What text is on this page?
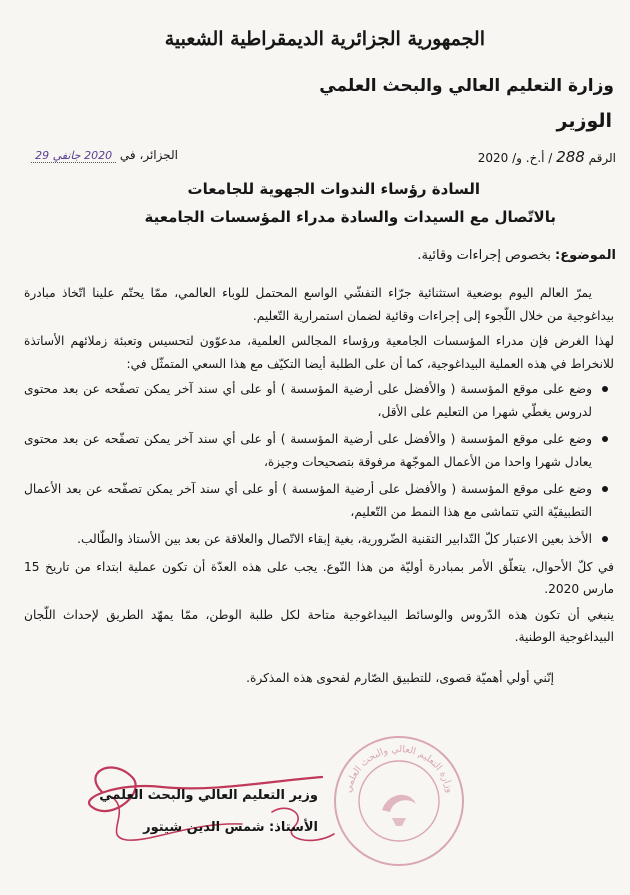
الجمهورية الجزائرية الديمقراطية الشعبية
وزارة التعليم العالي والبحث العلمي
الوزير
الرقم 288 / أ.خ. و/ 2020
الجزائر، في 2020 جانفي 29
السادة رؤساء الندوات الجهوية للجامعات
بالاتّصال مع السيدات والسادة مدراء المؤسسات الجامعية
الموضوع: بخصوص إجراءات وقائية.

يمرّ العالم اليوم بوضعية استثنائية جرّاء التفشّي الواسع المحتمل للوباء العالمي، ممّا يحتّم علينا اتّخاذ مبادرة بيداغوجية من خلال اللّجوء إلى إجراءات وقائية لضمان استمرارية التّعليم.

لهذا الغرض فإن مدراء المؤسسات الجامعية ورؤساء المجالس العلمية، مدعوّون لتحسيس وتعبئة زملائهم الأساتذة للانخراط في هذه العملية البيداغوجية، كما أن على الطلبة أيضا التكيّف مع هذا السعي المتمثّل في:

وضع على موقع المؤسسة ( والأفضل على أرضية المؤسسة ) أو على أي سند آخر يمكن تصفّحه عن بعد محتوى لدروس يغطّي شهرا من التعليم على الأقل،
وضع على موقع المؤسسة ( والأفضل على أرضية المؤسسة ) أو على أي سند آخر يمكن تصفّحه عن بعد محتوى يعادل شهرا واحدا من الأعمال الموجّهة مرفوقة بتصحيحات وجيزة،
وضع على موقع المؤسسة ( والأفضل على أرضية المؤسسة ) أو على أي سند آخر يمكن تصفّحه عن بعد الأعمال التطبيقيّة التي تتماشى مع هذا النمط من التّعليم،
الأخذ بعين الاعتبار كلّ التّدابير التقنية الضّرورية، بغية إبقاء الاتّصال والعلاقة عن بعد بين الأستاذ والطّالب.

في كلّ الأحوال، يتعلّق الأمر بمبادرة أوليّة من هذا النّوع. يجب على هذه العدّة أن تكون عملية ابتداء من تاريخ 15 مارس 2020.

ينبغي أن تكون هذه الدّروس والوسائط البيداغوجية متاحة لكل طلبة الوطن، ممّا يمهّد الطريق لإحداث اللّجان البيداغوجية الوطنية.

إنّني أولي أهميّة قصوى، للتطبيق الصّارم لفحوى هذه المذكرة.

وزارة التعليم العالي والبحث العلمي
وزير التعليم العالي والبحث العلمي
الأستاذ: شمس الدين شيتور
